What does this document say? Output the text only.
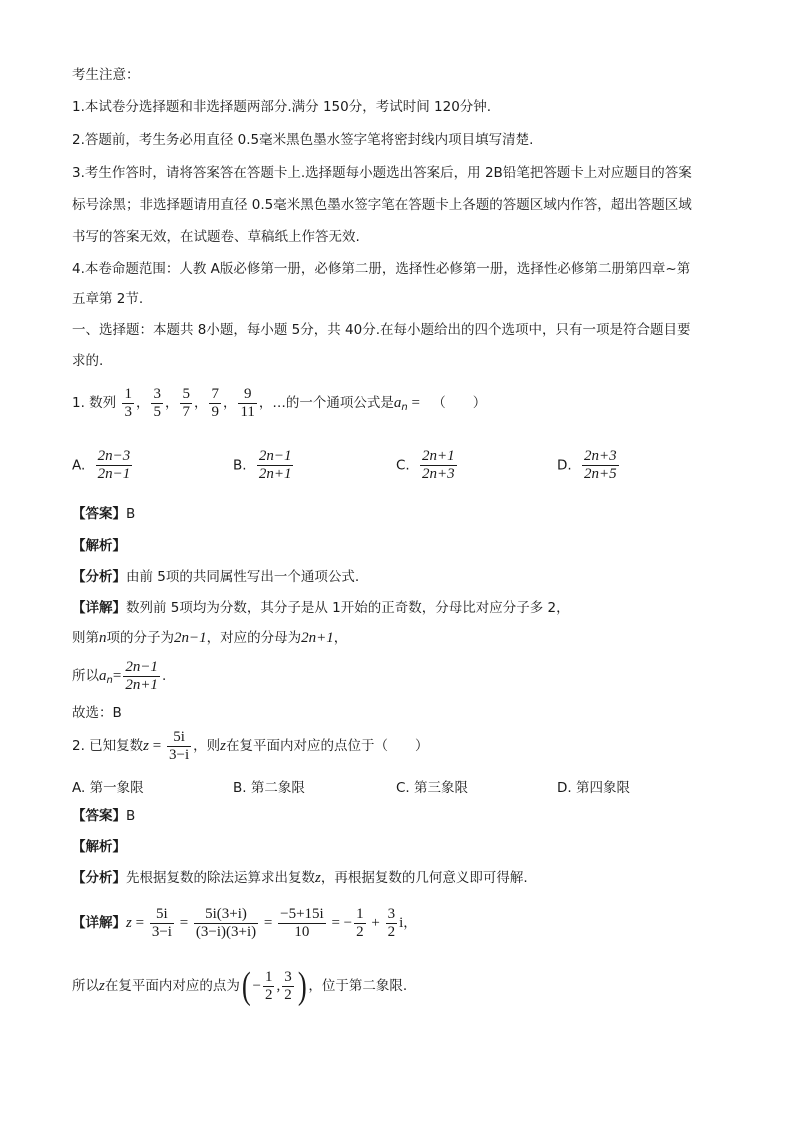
考生注意：
1.本试卷分选择题和非选择题两部分.满分 150分，考试时间 120分钟.
2.答题前，考生务必用直径 0.5毫米黑色墨水签字笔将密封线内项目填写清楚.
3.考生作答时，请将答案答在答题卡上.选择题每小题选出答案后，用 2B铅笔把答题卡上对应题目的答案
标号涂黑；非选择题请用直径 0.5毫米黑色墨水签字笔在答题卡上各题的答题区域内作答，超出答题区域
书写的答案无效，在试题卷、草稿纸上作答无效.
4.本卷命题范围：人教 A版必修第一册，必修第二册，选择性必修第一册，选择性必修第二册第四章~第
五章第 2节.
一、选择题：本题共 8小题，每小题 5分，共 40分.在每小题给出的四个选项中，只有一项是符合题目要
求的.
1. 数列 $\frac{1}{3}$ ， $\frac{3}{5}$ ， $\frac{5}{7}$ ， $\frac{7}{9}$ ， $\frac{9}{11}$ ，…的一个通项公式是$a_n$ = （　　）
A. $\frac{2n-3}{2n-1}$	B. $\frac{2n-1}{2n+1}$	C. $\frac{2n+1}{2n+3}$	D. $\frac{2n+3}{2n+5}$
【答案】B
【解析】
【分析】由前 5项的共同属性写出一个通项公式.
【详解】数列前 5项均为分数，其分子是从 1开始的正奇数，分母比对应分子多 2，
则第n项的分子为2n−1，对应的分母为2n+1，
所以$a_n= \frac{2n-1}{2n+1}$ .
故选：B
2. 已知复数$z = \frac{5i}{3-i}$ ，则z在复平面内对应的点位于（　　）
A. 第一象限	B. 第二象限	C. 第三象限	D. 第四象限
【答案】B
【解析】
【分析】先根据复数的除法运算求出复数z，再根据复数的几何意义即可得解.
【详解】$z = \frac{5i}{3-i} = \frac{5i(3+i)}{(3-i)(3+i)} = \frac{-5+15i}{10}$ = − $\frac{1}{2} + \frac{3}{2}$ i，
所以z在复平面内对应的点为( − $\frac{1}{2}$ , $\frac{3}{2}$ ) ，位于第二象限.
